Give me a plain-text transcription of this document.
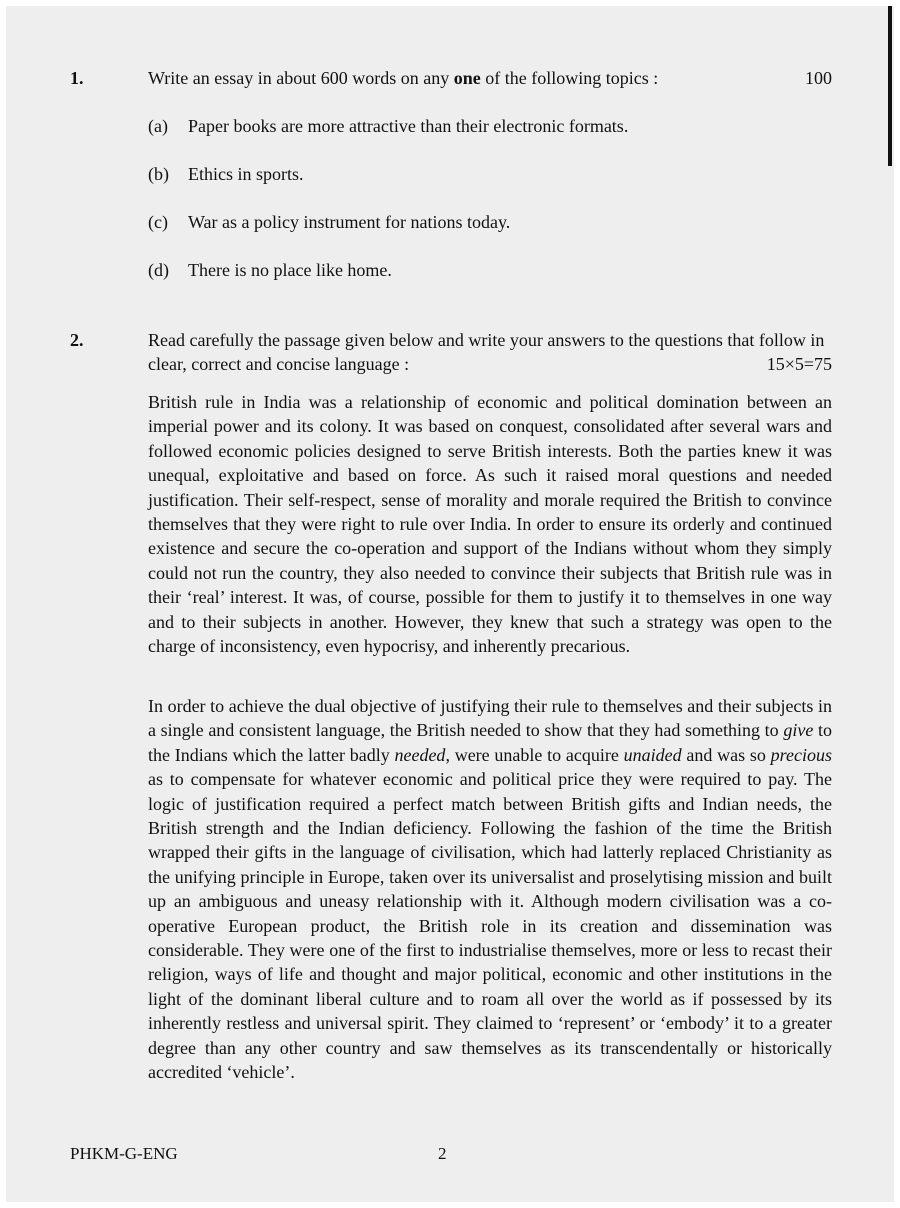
1.	Write an essay in about 600 words on any one of the following topics :	100
(a) Paper books are more attractive than their electronic formats.
(b) Ethics in sports.
(c) War as a policy instrument for nations today.
(d) There is no place like home.
2.	Read carefully the passage given below and write your answers to the questions that follow in clear, correct and concise language :	15×5=75

British rule in India was a relationship of economic and political domination between an imperial power and its colony. It was based on conquest, consolidated after several wars and followed economic policies designed to serve British interests. Both the parties knew it was unequal, exploitative and based on force. As such it raised moral questions and needed justification. Their self-respect, sense of morality and morale required the British to convince themselves that they were right to rule over India. In order to ensure its orderly and continued existence and secure the co-operation and support of the Indians without whom they simply could not run the country, they also needed to convince their subjects that British rule was in their ‘real’ interest. It was, of course, possible for them to justify it to themselves in one way and to their subjects in another. However, they knew that such a strategy was open to the charge of inconsistency, even hypocrisy, and inherently precarious.

In order to achieve the dual objective of justifying their rule to themselves and their subjects in a single and consistent language, the British needed to show that they had something to give to the Indians which the latter badly needed, were unable to acquire unaided and was so precious as to compensate for whatever economic and political price they were required to pay. The logic of justification required a perfect match between British gifts and Indian needs, the British strength and the Indian deficiency. Following the fashion of the time the British wrapped their gifts in the language of civilisation, which had latterly replaced Christianity as the unifying principle in Europe, taken over its universalist and proselytising mission and built up an ambiguous and uneasy relationship with it. Although modern civilisation was a co-operative European product, the British role in its creation and dissemination was considerable. They were one of the first to industrialise themselves, more or less to recast their religion, ways of life and thought and major political, economic and other institutions in the light of the dominant liberal culture and to roam all over the world as if possessed by its inherently restless and universal spirit. They claimed to ‘represent’ or ‘embody’ it to a greater degree than any other country and saw themselves as its transcendentally or historically accredited ‘vehicle’.

PHKM-G-ENG	2
